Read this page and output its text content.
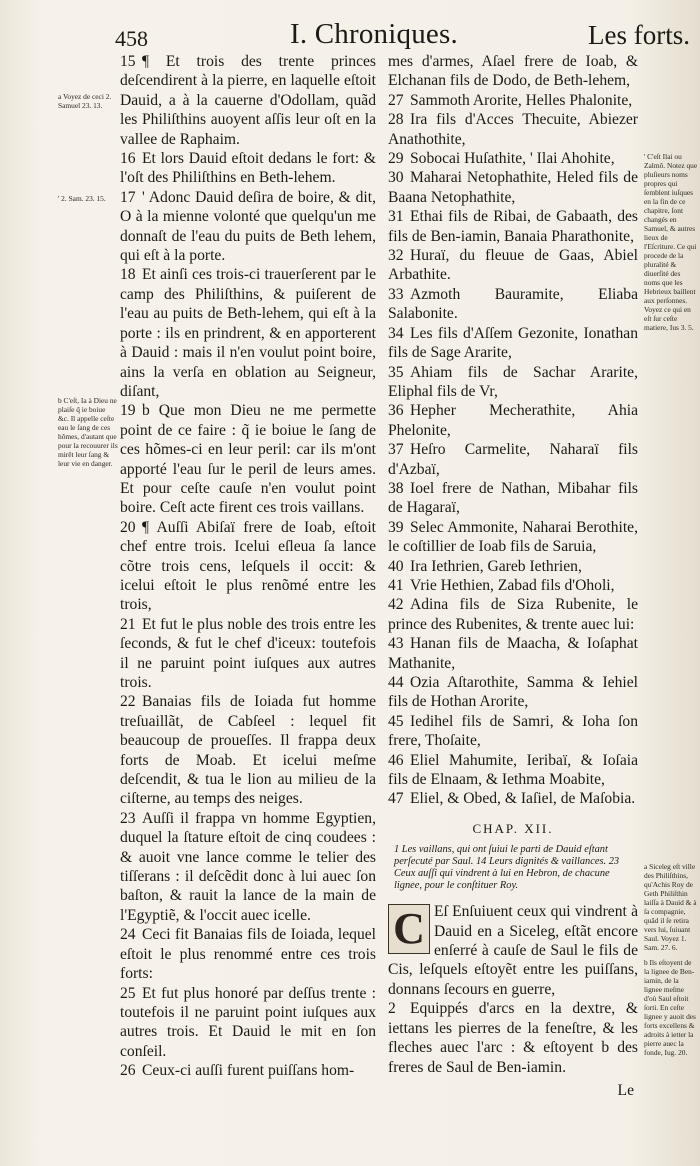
458	I. Chroniques.	Les forts.
a Voyez de ceci 2. Samuel 23. 13.
' 2. Sam. 23. 15.
b C'eſt, Ia à Dieu ne plaiſe q̃ ie boiue &c. Il appelle ceſte eau le ſang de ces hõmes, d'autant que pour la recouurer ils mirẽt leur ſang & leur vie en danger.
' C'eſt Ilai ou Zalmõ. Notez que pluſieurs noms propres qui ſemblent iuſques en la fin de ce chapitre, ſont changés en Samuel, & autres lieux de l'Eſcriture. Ce qui procede de la pluralité & diuerſité des noms que les Hebrieux baillent aux perſonnes. Voyez ce qui en eſt ſur ceſte matiere, Ius 3. 5.
a Siceleg eſt ville des Philiſthins, qu'Achis Roy de Geth Philiſthin laiſſa à Dauid & à ſa compagnie, quãd il ſe retira vers lui, ſuiuant Saul. Voyez 1. Sam. 27. 6.
b Ils eſtoyent de la lignee de Ben-iamin, de la lignee meſme d'où Saul eſtoit ſorti. En ceſte lignee y auoit des forts excellens & adroits à ietter la pierre auec la fonde, Iug. 20.

15 ¶ Et trois des trente princes deſcendirent à la pierre, en laquelle eſtoit Dauid, a à la cauerne d'Odollam, quãd les Philiſthins auoyent aſſis leur oſt en la vallee de Raphaim.

16 Et lors Dauid eſtoit dedans le fort: & l'oſt des Philiſthins en Beth-lehem.

17 ' Adonc Dauid deſira de boire, & dit, O à la mienne volonté que quelqu'un me donnaſt de l'eau du puits de Beth lehem, qui eſt à la porte.

18 Et ainſi ces trois-ci trauerſerent par le camp des Philiſthins, & puiſerent de l'eau au puits de Beth-lehem, qui eſt à la porte : ils en prindrent, & en apporterent à Dauid : mais il n'en voulut point boire, ains la verſa en oblation au Seigneur, diſant,

19 b Que mon Dieu ne me permette point de ce faire : q̃ ie boiue le ſang de ces hõmes-ci en leur peril: car ils m'ont apporté l'eau ſur le peril de leurs ames. Et pour ceſte cauſe n'en voulut point boire. Ceſt acte firent ces trois vaillans.

20 ¶ Auſſi Abiſaï frere de Ioab, eſtoit chef entre trois. Icelui eſleua ſa lance cõtre trois cens, leſquels il occit: & icelui eſtoit le plus renõmé entre les trois,

21 Et fut le plus noble des trois entre les ſeconds, & fut le chef d'iceux: toutefois il ne paruint point iuſques aux autres trois.

22 Banaias fils de Ioiada fut homme treſuaillãt, de Cabſeel : lequel fit beaucoup de proueſſes. Il frappa deux forts de Moab. Et icelui meſme deſcendit, & tua le lion au milieu de la ciſterne, au temps des neiges.

23 Auſſi il frappa vn homme Egyptien, duquel la ſtature eſtoit de cinq coudees : & auoit vne lance comme le telier des tiſſerans : il deſcẽdit donc à lui auec ſon baſton, & rauit la lance de la main de l'Egyptiẽ, & l'occit auec icelle.

24 Ceci fit Banaias fils de Ioiada, lequel eſtoit le plus renommé entre ces trois forts:

25 Et fut plus honoré par deſſus trente : toutefois il ne paruint point iuſques aux autres trois. Et Dauid le mit en ſon conſeil.

26 Ceux-ci auſſi furent puiſſans hom-

mes d'armes, Aſael frere de Ioab, & Elchanan fils de Dodo, de Beth-lehem,

27 Sammoth Arorite, Helles Phalonite,

28 Ira fils d'Acces Thecuite, Abiezer Anathothite,

29 Sobocai Huſathite, ' Ilai Ahohite,

30 Maharai Netophathite, Heled fils de Baana Netophathite,

31 Ethai fils de Ribai, de Gabaath, des fils de Ben-iamin, Banaia Pharathonite,

32 Huraï, du fleuue de Gaas, Abiel Arbathite.

33 Azmoth Bauramite, Eliaba Salabonite.

34 Les fils d'Aſſem Gezonite, Ionathan fils de Sage Ararite,

35 Ahiam fils de Sachar Ararite, Eliphal fils de Vr,

36 Hepher Mecherathite, Ahia Phelonite,

37 Heſro Carmelite, Naharaï fils d'Azbaï,

38 Ioel frere de Nathan, Mibahar fils de Hagaraï,

39 Selec Ammonite, Naharai Berothite, le coſtillier de Ioab fils de Saruia,

40 Ira Iethrien, Gareb Iethrien,

41 Vrie Hethien, Zabad fils d'Oholi,

42 Adina fils de Siza Rubenite, le prince des Rubenites, & trente auec lui:

43 Hanan fils de Maacha, & Ioſaphat Mathanite,

44 Ozia Aſtarothite, Samma & Iehiel fils de Hothan Arorite,

45 Iedihel fils de Samri, & Ioha ſon frere, Thoſaite,

46 Eliel Mahumite, Ieribaï, & Ioſaia fils de Elnaam, & Iethma Moabite,

47 Eliel, & Obed, & Iaſiel, de Maſobia.

CHAP. XII.
1 Les vaillans, qui ont ſuiui le parti de Dauid eſtant perſecuté par Saul. 14 Leurs dignités & vaillances. 23 Ceux auſſi qui vindrent à lui en Hebron, de chacune lignee, pour le conſtituer Roy.

C Eſ Enſuiuent ceux qui vindrent à Dauid en a Siceleg, eſtãt encore enſerré à cauſe de Saul le fils de Cis, leſquels eſtoyẽt entre les puiſſans, donnans ſecours en guerre,

2 Equippés d'arcs en la dextre, & iettans les pierres de la feneſtre, & les fleches auec l'arc : & eſtoyent b des freres de Saul de Ben-iamin.

Le
